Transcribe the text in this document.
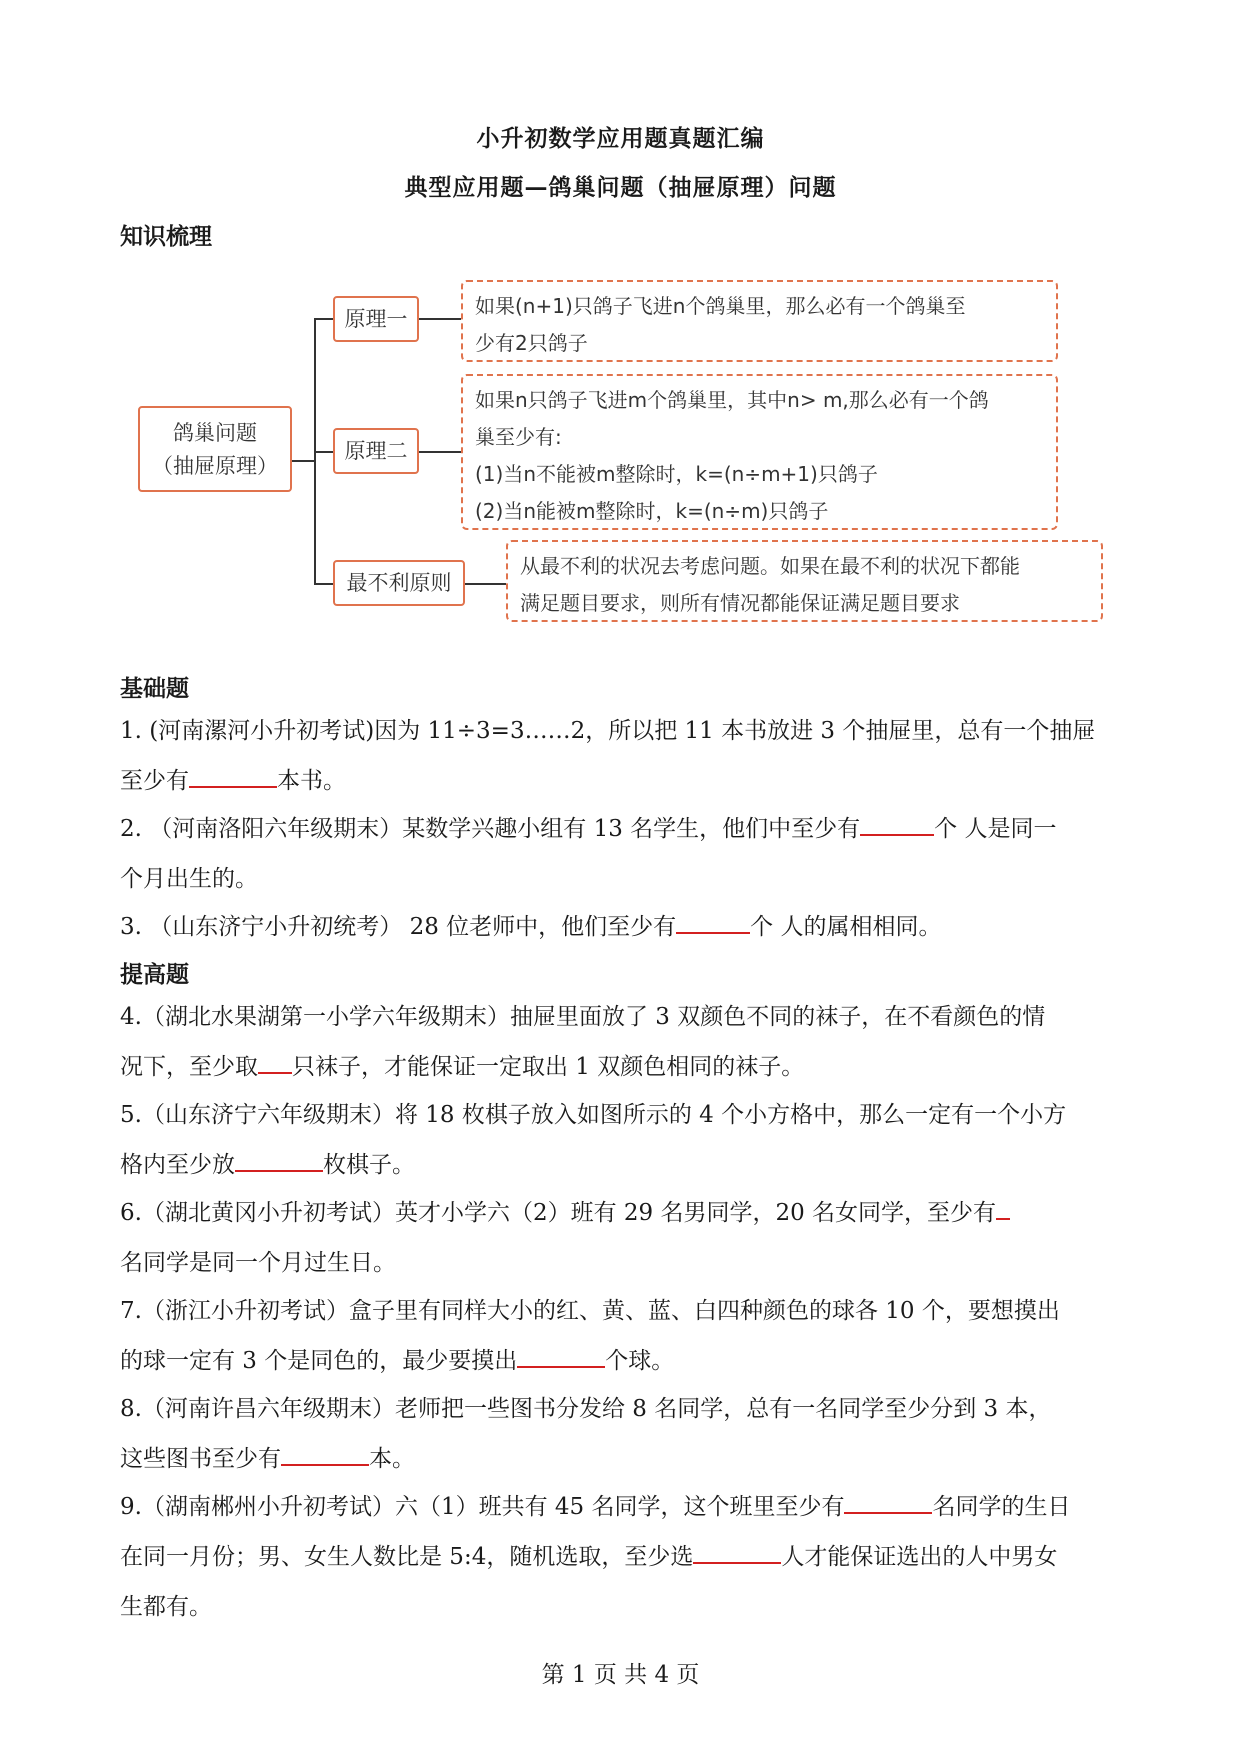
小升初数学应用题真题汇编
典型应用题—鸽巢问题（抽屉原理）问题
知识梳理
鸽巢问题
（抽屉原理）
原理一
原理二
最不利原则
如果(n+1)只鸽子飞进n个鸽巢里，那么必有一个鸽巢至
少有2只鸽子
如果n只鸽子飞进m个鸽巢里，其中n> m,那么必有一个鸽
巢至少有:
(1)当n不能被m整除时，k=(n÷m+1)只鸽子
(2)当n能被m整除时，k=(n÷m)只鸽子
从最不利的状况去考虑问题。如果在最不利的状况下都能
满足题目要求，则所有情况都能保证满足题目要求
基础题
1. (河南漯河小升初考试)因为 11÷3=3……2，所以把 11 本书放进 3 个抽屉里，总有一个抽屉
至少有	本书。
2. （河南洛阳六年级期末）某数学兴趣小组有 13 名学生，他们中至少有	个 人是同一
个月出生的。
3. （山东济宁小升初统考） 28 位老师中，他们至少有	个 人的属相相同。
提高题
4.（湖北水果湖第一小学六年级期末）抽屉里面放了 3 双颜色不同的袜子，在不看颜色的情
况下，至少取 只袜子，才能保证一定取出 1 双颜色相同的袜子。
5.（山东济宁六年级期末）将 18 枚棋子放入如图所示的 4 个小方格中，那么一定有一个小方
格内至少放	枚棋子。
6.（湖北黄冈小升初考试）英才小学六（2）班有 29 名男同学，20 名女同学，至少有
名同学是同一个月过生日。
7.（浙江小升初考试）盒子里有同样大小的红、黄、蓝、白四种颜色的球各 10 个，要想摸出
的球一定有 3 个是同色的，最少要摸出	个球。
8.（河南许昌六年级期末）老师把一些图书分发给 8 名同学，总有一名同学至少分到 3 本，
这些图书至少有	本。
9.（湖南郴州小升初考试）六（1）班共有 45 名同学，这个班里至少有	名同学的生日
在同一月份；男、女生人数比是 5:4，随机选取，至少选	人才能保证选出的人中男女
生都有。
第 1 页 共 4 页
